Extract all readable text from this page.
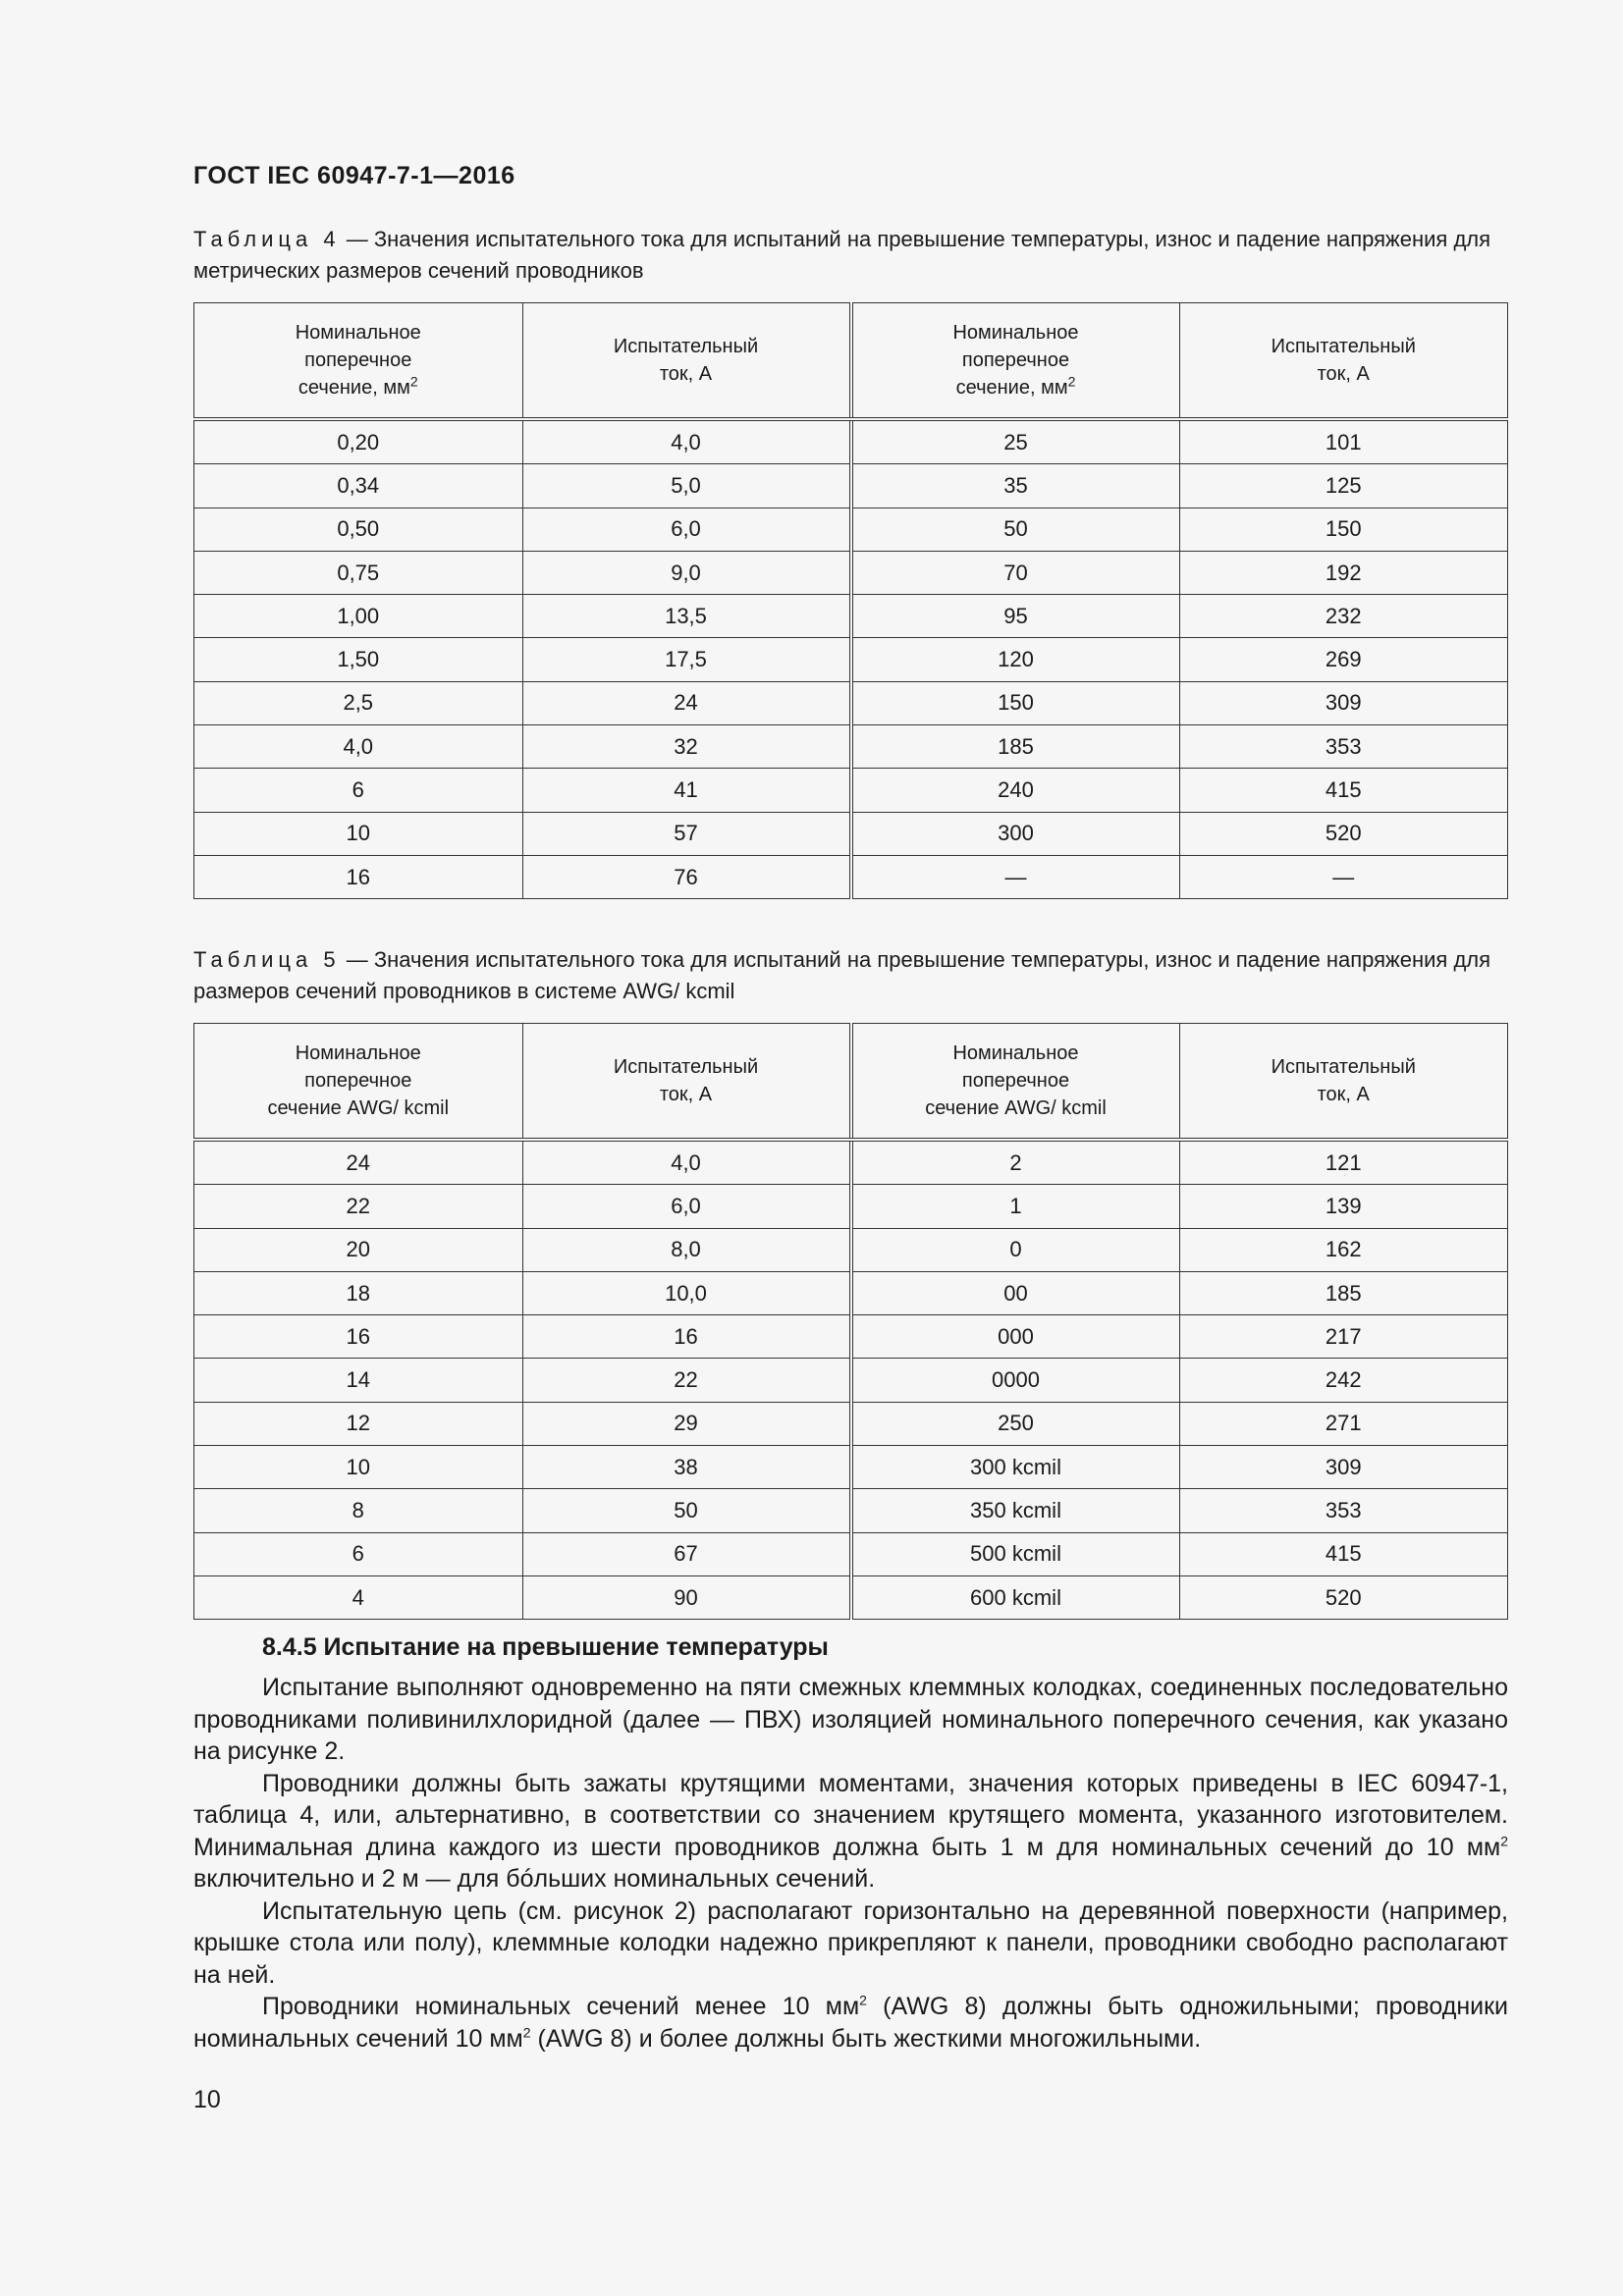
ГОСТ IEC 60947-7-1—2016
Таблица 4 — Значения испытательного тока для испытаний на превышение температуры, износ и падение напряжения для метрических размеров сечений проводников
Номинальное
поперечное
сечение, $мм^2$	Испытательный
ток, А	Номинальное
поперечное
сечение, $мм^2$	Испытательный
ток, А
0,20	4,0	25	101
0,34	5,0	35	125
0,50	6,0	50	150
0,75	9,0	70	192
1,00	13,5	95	232
1,50	17,5	120	269
2,5	24	150	309
4,0	32	185	353
6	41	240	415
10	57	300	520
16	76	—	—
Таблица 5 — Значения испытательного тока для испытаний на превышение температуры, износ и падение напряжения для размеров сечений проводников в системе AWG/ kcmil
Номинальное
поперечное
сечение AWG/ kcmil	Испытательный
ток, А	Номинальное
поперечное
сечение AWG/ kcmil	Испытательный
ток, А
24	4,0	2	121
22	6,0	1	139
20	8,0	0	162
18	10,0	00	185
16	16	000	217
14	22	0000	242
12	29	250	271
10	38	300 kcmil	309
8	50	350 kcmil	353
6	67	500 kcmil	415
4	90	600 kcmil	520
8.4.5 Испытание на превышение температуры

Испытание выполняют одновременно на пяти смежных клеммных колодках, соединенных последовательно проводниками поливинилхлоридной (далее — ПВХ) изоляцией номинального поперечного сечения, как указано на рисунке 2.

Проводники должны быть зажаты крутящими моментами, значения которых приведены в IEC 60947-1, таблица 4, или, альтернативно, в соответствии со значением крутящего момента, указанного изготовителем. Минимальная длина каждого из шести проводников должна быть 1 м для номинальных сечений до 10 $мм^2$ включительно и 2 м — для бóльших номинальных сечений.

Испытательную цепь (см. рисунок 2) располагают горизонтально на деревянной поверхности (например, крышке стола или полу), клеммные колодки надежно прикрепляют к панели, проводники свободно располагают на ней.

Проводники номинальных сечений менее 10 $мм^2$ (AWG 8) должны быть одножильными; проводники номинальных сечений 10 $мм^2$ (AWG 8) и более должны быть жесткими многожильными.

10
